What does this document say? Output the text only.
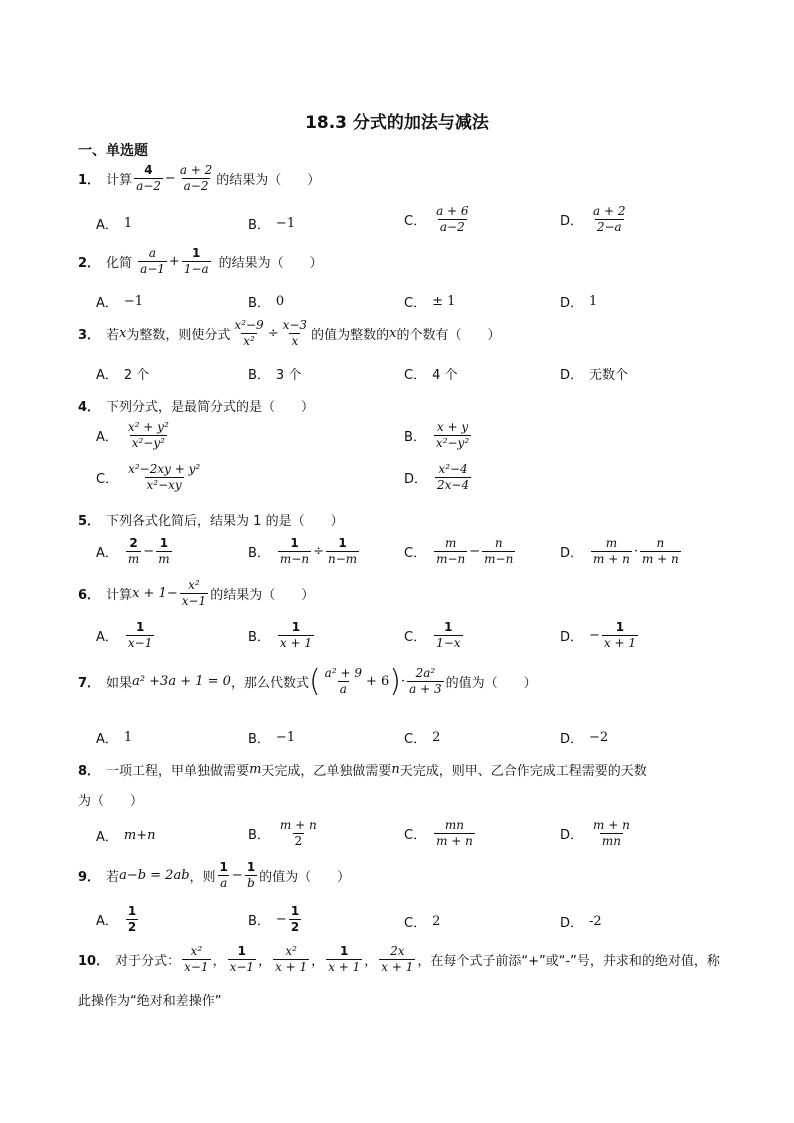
18.3 分式的加法与减法
一、单选题
1． 计算
4
$a-2 - \frac{a + 2}{a-2}$ 的结果为（　　）
A． 1	B． −1	C．
a + 6
a−2	D．
a + 2
2−a
2． 化简
a
$a-1 + \frac{1}{1-a}$ 的结果为（　　）
A． −1	B． 0	C． ± 1	D． 1
3． 若 x 为整数，则使分式 $\frac{\text{x²−9}}{\text{x²}} \div \frac{x-3}{x}$ 的值为整数的 x 的个数有（　　）
A． 2 个	B． 3 个	C． 4 个	D． 无数个
4． 下列分式，是最简分式的是（　　）
A．
x² + y²
x²−y²	B．
x + y
x²−y²
C．
x²−2xy + y²
x²−xy	D．
x²−4
2x−4
5． 下列各式化简后，结果为 1 的是（　　）
A．
2
$m - \frac{1}{m}$	B． $\frac{1}{m-n} \div \frac{1}{n-m}$	C．
m
$m-n - \frac{n}{m-n}$	D．
m
m + n ·
n
m + n
6． 计算 $x + 1- \frac{\text{x²}}{x-1}$ 的结果为（　　）
A．
1
x−1	B．
1
x + 1	C．
1
1−x	D． − $\frac{1}{x + 1}$
7． 如果 a² +3a + 1 = 0 ，那么代数式 ( a² + 9
a + 6 ) ·
2a²
a + 3 的值为（　　）
A． 1	B． −1	C． 2	D． −2
8． 一项工程，甲单独做需要 m 天完成，乙单独做需要 n 天完成，则甲、乙合作完成工程需要的天数
为（　　）
A． m+n	B．
m + n
2	C．
mn
m + n	D．
m + n
mn
9． 若 a−b = 2ab ，则
1
$a - \frac{1}{b}$ 的值为（　　）
A．
1
2	B． − $\frac{1}{2}$	C． 2	D． -2
10． 对于分式：
x²
x−1 ，
1
x−1 ，
x²
x + 1 ，
1
x + 1 ，
2x
x + 1 ，在每个式子前添“+”或“-”号，并求和的绝对值，称
此操作为“绝对和差操作”
